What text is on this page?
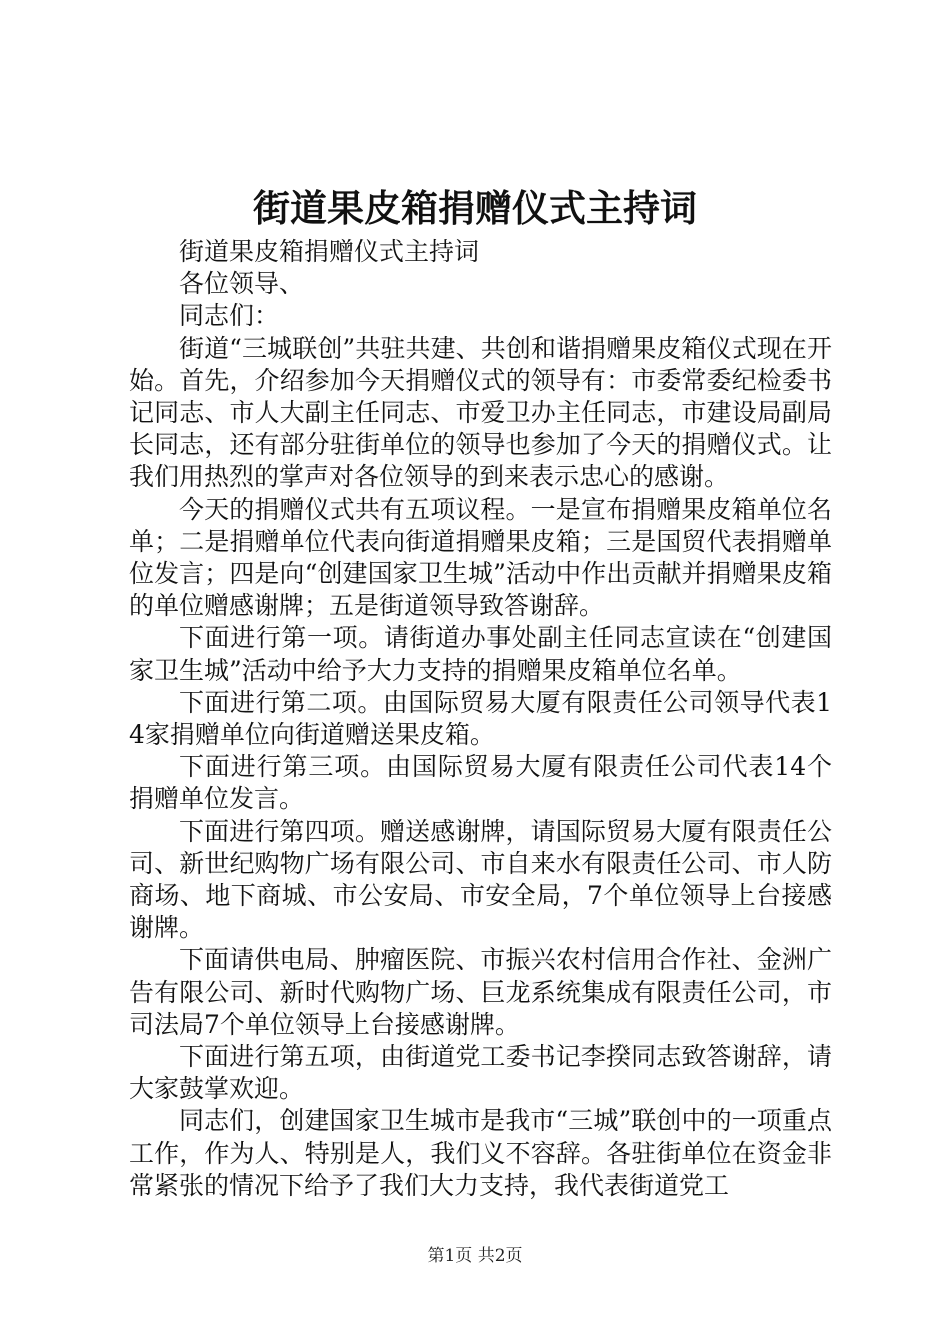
街道果皮箱捐赠仪式主持词

街道果皮箱捐赠仪式主持词

各位领导、

同志们：

街道“三城联创”共驻共建、共创和谐捐赠果皮箱仪式现在开始。首先，介绍参加今天捐赠仪式的领导有：市委常委纪检委书记同志、市人大副主任同志、市爱卫办主任同志，市建设局副局长同志，还有部分驻街单位的领导也参加了今天的捐赠仪式。让我们用热烈的掌声对各位领导的到来表示忠心的感谢。

今天的捐赠仪式共有五项议程。一是宣布捐赠果皮箱单位名单；二是捐赠单位代表向街道捐赠果皮箱；三是国贸代表捐赠单位发言；四是向“创建国家卫生城”活动中作出贡献并捐赠果皮箱的单位赠感谢牌；五是街道领导致答谢辞。

下面进行第一项。请街道办事处副主任同志宣读在“创建国家卫生城”活动中给予大力支持的捐赠果皮箱单位名单。

下面进行第二项。由国际贸易大厦有限责任公司领导代表14家捐赠单位向街道赠送果皮箱。

下面进行第三项。由国际贸易大厦有限责任公司代表14个捐赠单位发言。

下面进行第四项。赠送感谢牌，请国际贸易大厦有限责任公司、新世纪购物广场有限公司、市自来水有限责任公司、市人防商场、地下商城、市公安局、市安全局，7个单位领导上台接感谢牌。

下面请供电局、肿瘤医院、市振兴农村信用合作社、金洲广告有限公司、新时代购物广场、巨龙系统集成有限责任公司，市司法局7个单位领导上台接感谢牌。

下面进行第五项，由街道党工委书记李揆同志致答谢辞，请大家鼓掌欢迎。

同志们，创建国家卫生城市是我市“三城”联创中的一项重点工作，作为人、特别是人，我们义不容辞。各驻街单位在资金非常紧张的情况下给予了我们大力支持，我代表街道党工

第1页 共2页
